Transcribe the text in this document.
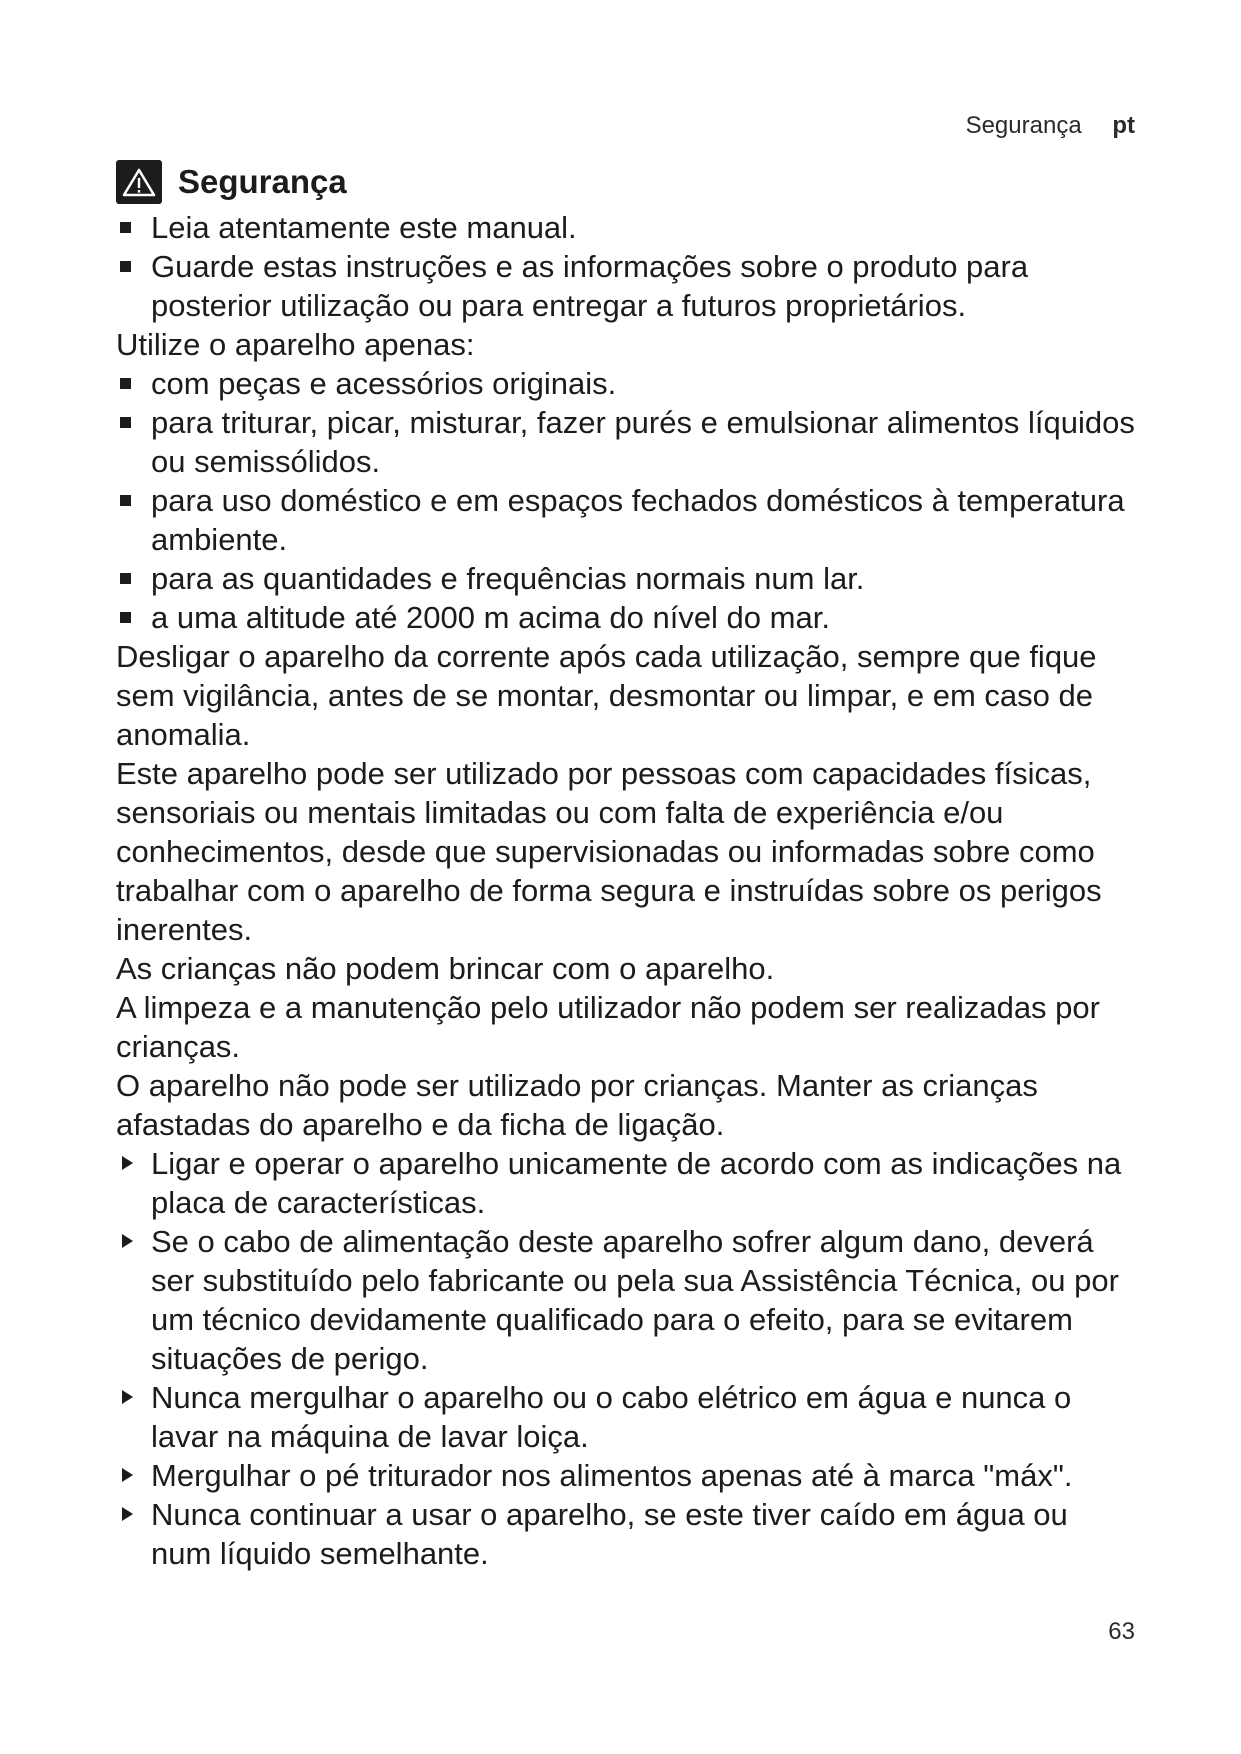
Segurança pt
Segurança
Leia atentamente este manual.
Guarde estas instruções e as informações sobre o produto para posterior utilização ou para entregar a futuros proprietários.

Utilize o aparelho apenas:

com peças e acessórios originais.
para triturar, picar, misturar, fazer purés e emulsionar alimentos líquidos ou semissólidos.
para uso doméstico e em espaços fechados domésticos à temperatura ambiente.
para as quantidades e frequências normais num lar.
a uma altitude até 2000 m acima do nível do mar.

Desligar o aparelho da corrente após cada utilização, sempre que fique sem vigilância, antes de se montar, desmontar ou limpar, e em caso de anomalia.

Este aparelho pode ser utilizado por pessoas com capacidades físicas, sensoriais ou mentais limitadas ou com falta de experiência e/ou conhecimentos, desde que supervisionadas ou informadas sobre como trabalhar com o aparelho de forma segura e instruídas sobre os perigos inerentes.

As crianças não podem brincar com o aparelho.

A limpeza e a manutenção pelo utilizador não podem ser realizadas por crianças.

O aparelho não pode ser utilizado por crianças. Manter as crianças afastadas do aparelho e da ficha de ligação.

Ligar e operar o aparelho unicamente de acordo com as indicações na placa de características.
Se o cabo de alimentação deste aparelho sofrer algum dano, deverá ser substituído pelo fabricante ou pela sua Assistência Técnica, ou por um técnico devidamente qualificado para o efeito, para se evitarem situações de perigo.
Nunca mergulhar o aparelho ou o cabo elétrico em água e nunca o lavar na máquina de lavar loiça.
Mergulhar o pé triturador nos alimentos apenas até à marca "máx".
Nunca continuar a usar o aparelho, se este tiver caído em água ou num líquido semelhante.
63
